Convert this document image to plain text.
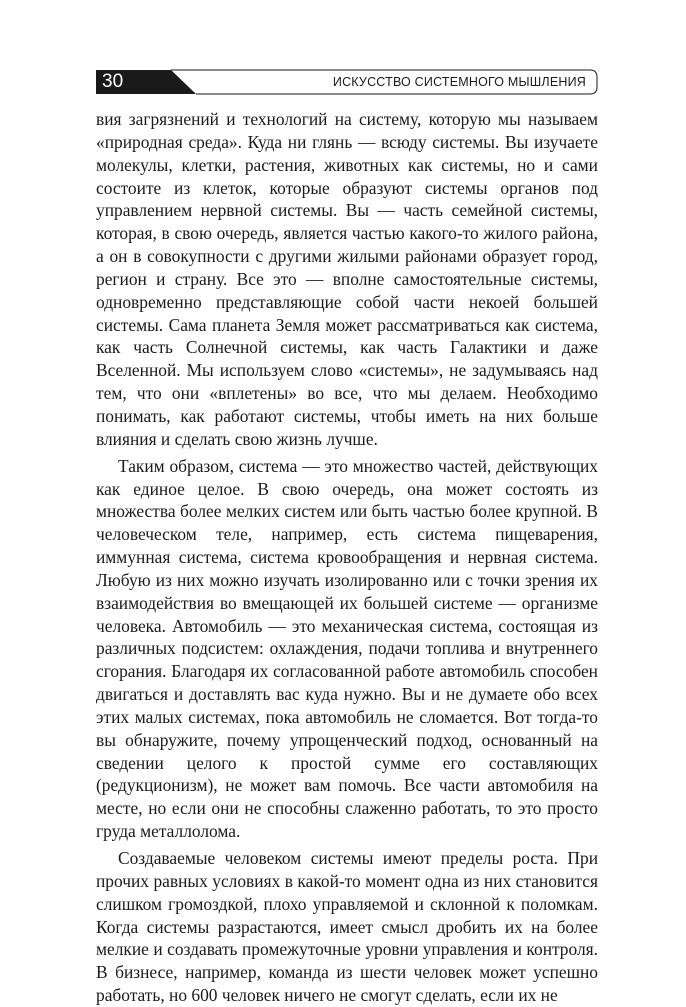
30	ИСКУССТВО СИСТЕМНОГО МЫШЛЕНИЯ

вия загрязнений и технологий на систему, которую мы называем «природная среда». Куда ни глянь — всюду системы. Вы изучаете молекулы, клетки, растения, животных как системы, но и сами состоите из клеток, которые образуют системы органов под управлением нервной системы. Вы — часть семейной системы, которая, в свою очередь, является частью какого-то жилого района, а он в совокупности с другими жилыми районами образует город, регион и страну. Все это — вполне самостоятельные системы, одновременно представляющие собой части некоей большей системы. Сама планета Земля может рассматриваться как система, как часть Солнечной системы, как часть Галактики и даже Вселенной. Мы используем слово «системы», не задумываясь над тем, что они «вплетены» во все, что мы делаем. Необходимо понимать, как работают системы, чтобы иметь на них больше влияния и сделать свою жизнь лучше.

Таким образом, система — это множество частей, действующих как единое целое. В свою очередь, она может состоять из множества более мелких систем или быть частью более крупной. В человеческом теле, например, есть система пищеварения, иммунная система, система кровообращения и нервная система. Любую из них можно изучать изолированно или с точки зрения их взаимодействия во вмещающей их большей системе — организме человека. Автомобиль — это механическая система, состоящая из различных подсистем: охлаждения, подачи топлива и внутреннего сгорания. Благодаря их согласованной работе автомобиль способен двигаться и доставлять вас куда нужно. Вы и не думаете обо всех этих малых системах, пока автомобиль не сломается. Вот тогда-то вы обнаружите, почему упрощенческий подход, основанный на сведении целого к простой сумме его составляющих (редукционизм), не может вам помочь. Все части автомобиля на месте, но если они не способны слаженно работать, то это просто груда металлолома.

Создаваемые человеком системы имеют пределы роста. При прочих равных условиях в какой-то момент одна из них становится слишком громоздкой, плохо управляемой и склонной к поломкам. Когда системы разрастаются, имеет смысл дробить их на более мелкие и создавать промежуточные уровни управления и контроля. В бизнесе, например, команда из шести человек может успешно работать, но 600 человек ничего не смогут сделать, если их не
